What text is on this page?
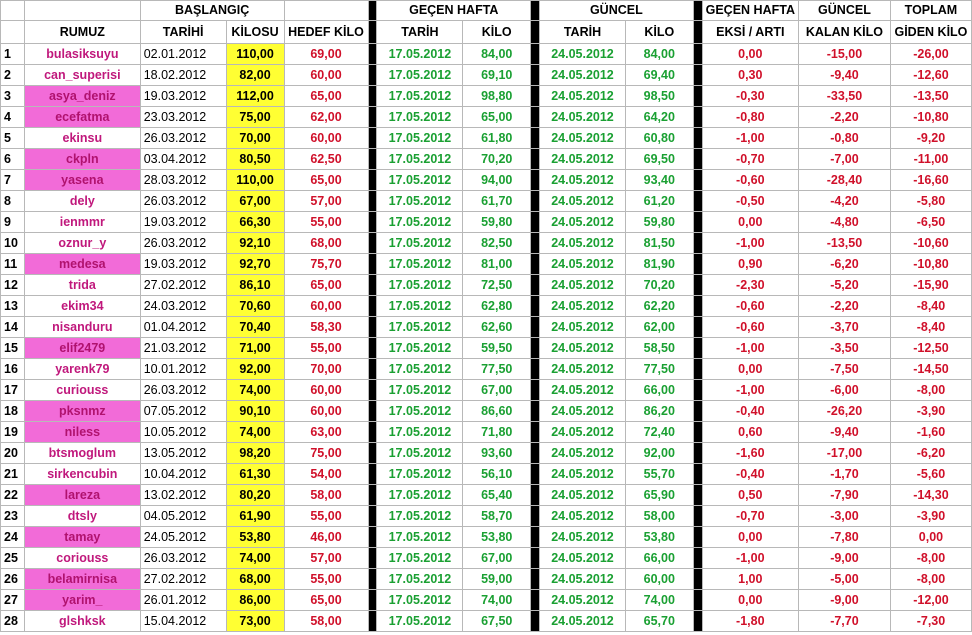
		BAŞLANGIÇ				GEÇEN HAFTA			GÜNCEL			GEÇEN HAFTA	GÜNCEL	TOPLAM
	RUMUZ	TARİHİ	KİLOSU	HEDEF KİLO		TARİH	KİLO		TARİH	KİLO		EKSİ / ARTI	KALAN KİLO	GİDEN KİLO
1	bulasiksuyu	02.01.2012	110,00	69,00		17.05.2012	84,00		24.05.2012	84,00		0,00	-15,00	-26,00
2	can_superisi	18.02.2012	82,00	60,00		17.05.2012	69,10		24.05.2012	69,40		0,30	-9,40	-12,60
3	asya_deniz	19.03.2012	112,00	65,00		17.05.2012	98,80		24.05.2012	98,50		-0,30	-33,50	-13,50
4	ecefatma	23.03.2012	75,00	62,00		17.05.2012	65,00		24.05.2012	64,20		-0,80	-2,20	-10,80
5	ekinsu	26.03.2012	70,00	60,00		17.05.2012	61,80		24.05.2012	60,80		-1,00	-0,80	-9,20
6	ckpln	03.04.2012	80,50	62,50		17.05.2012	70,20		24.05.2012	69,50		-0,70	-7,00	-11,00
7	yasena	28.03.2012	110,00	65,00		17.05.2012	94,00		24.05.2012	93,40		-0,60	-28,40	-16,60
8	dely	26.03.2012	67,00	57,00		17.05.2012	61,70		24.05.2012	61,20		-0,50	-4,20	-5,80
9	ienmmr	19.03.2012	66,30	55,00		17.05.2012	59,80		24.05.2012	59,80		0,00	-4,80	-6,50
10	oznur_y	26.03.2012	92,10	68,00		17.05.2012	82,50		24.05.2012	81,50		-1,00	-13,50	-10,60
11	medesa	19.03.2012	92,70	75,70		17.05.2012	81,00		24.05.2012	81,90		0,90	-6,20	-10,80
12	trida	27.02.2012	86,10	65,00		17.05.2012	72,50		24.05.2012	70,20		-2,30	-5,20	-15,90
13	ekim34	24.03.2012	70,60	60,00		17.05.2012	62,80		24.05.2012	62,20		-0,60	-2,20	-8,40
14	nisanduru	01.04.2012	70,40	58,30		17.05.2012	62,60		24.05.2012	62,00		-0,60	-3,70	-8,40
15	elif2479	21.03.2012	71,00	55,00		17.05.2012	59,50		24.05.2012	58,50		-1,00	-3,50	-12,50
16	yarenk79	10.01.2012	92,00	70,00		17.05.2012	77,50		24.05.2012	77,50		0,00	-7,50	-14,50
17	curiouss	26.03.2012	74,00	60,00		17.05.2012	67,00		24.05.2012	66,00		-1,00	-6,00	-8,00
18	pksnmz	07.05.2012	90,10	60,00		17.05.2012	86,60		24.05.2012	86,20		-0,40	-26,20	-3,90
19	niless	10.05.2012	74,00	63,00		17.05.2012	71,80		24.05.2012	72,40		0,60	-9,40	-1,60
20	btsmoglum	13.05.2012	98,20	75,00		17.05.2012	93,60		24.05.2012	92,00		-1,60	-17,00	-6,20
21	sirkencubin	10.04.2012	61,30	54,00		17.05.2012	56,10		24.05.2012	55,70		-0,40	-1,70	-5,60
22	lareza	13.02.2012	80,20	58,00		17.05.2012	65,40		24.05.2012	65,90		0,50	-7,90	-14,30
23	dtsly	04.05.2012	61,90	55,00		17.05.2012	58,70		24.05.2012	58,00		-0,70	-3,00	-3,90
24	tamay	24.05.2012	53,80	46,00		17.05.2012	53,80		24.05.2012	53,80		0,00	-7,80	0,00
25	coriouss	26.03.2012	74,00	57,00		17.05.2012	67,00		24.05.2012	66,00		-1,00	-9,00	-8,00
26	belamirnisa	27.02.2012	68,00	55,00		17.05.2012	59,00		24.05.2012	60,00		1,00	-5,00	-8,00
27	yarim_	26.01.2012	86,00	65,00		17.05.2012	74,00		24.05.2012	74,00		0,00	-9,00	-12,00
28	glshksk	15.04.2012	73,00	58,00		17.05.2012	67,50		24.05.2012	65,70		-1,80	-7,70	-7,30
